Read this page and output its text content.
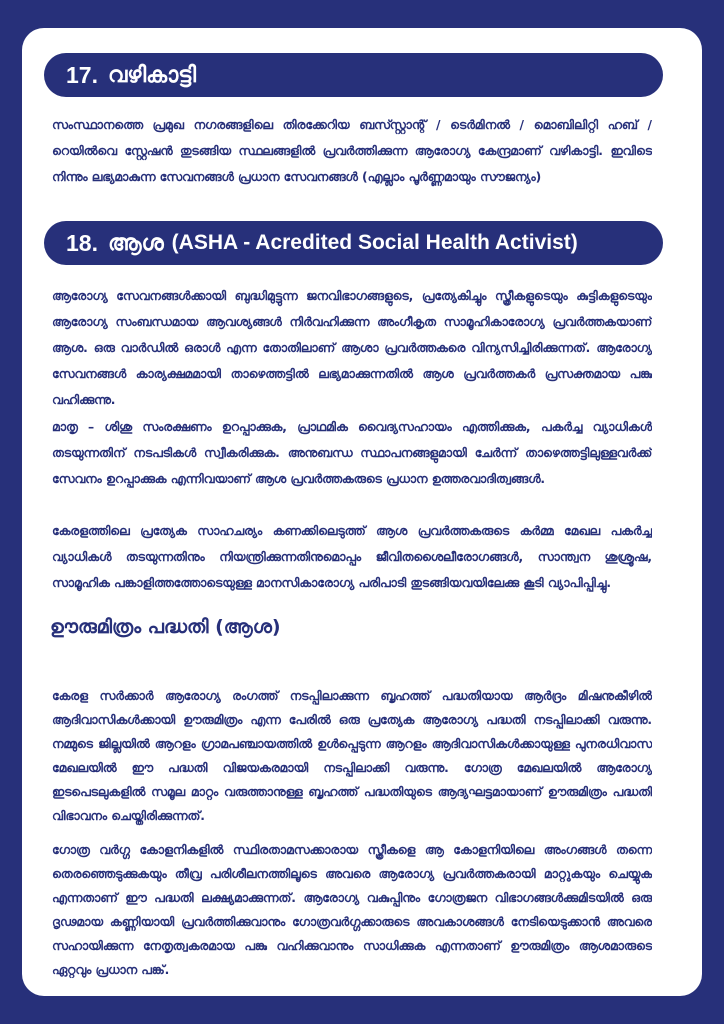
17. വഴികാട്ടി

സംസ്ഥാനത്തെ പ്രമുഖ നഗരങ്ങളിലെ തിരക്കേറിയ ബസ്സ്റ്റാന്റ് / ടെർമിനൽ / മൊബിലിറ്റി ഹബ് / റെയിൽവെ സ്റ്റേഷൻ തുടങ്ങിയ സ്ഥലങ്ങളിൽ പ്രവർത്തിക്കുന്ന ആരോഗ്യ കേന്ദ്രമാണ് വഴികാട്ടി. ഇവിടെ നിന്നും ലഭ്യമാകുന്ന സേവനങ്ങൾ പ്രധാന സേവനങ്ങൾ (എല്ലാം പൂർണ്ണമായും സൗജന്യം)

18. ആശ (ASHA - Acredited Social Health Activist)

ആരോഗ്യ സേവനങ്ങൾക്കായി ബുദ്ധിമുട്ടുന്ന ജനവിഭാഗങ്ങളുടെ, പ്രത്യേകിച്ചും സ്ത്രീകളുടെയും കുട്ടികളുടെയും ആരോഗ്യ സംബന്ധമായ ആവശ്യങ്ങൾ നിർവഹിക്കുന്ന അംഗീകൃത സാമൂഹികാരോഗ്യ പ്രവർത്തകയാണ് ആശ. ഒരു വാർഡിൽ ഒരാൾ എന്ന തോതിലാണ് ആശാ പ്രവർത്തകരെ വിന്യസിച്ചിരിക്കുന്നത്. ആരോഗ്യ സേവനങ്ങൾ കാര്യക്ഷമമായി താഴെത്തട്ടിൽ ലഭ്യമാക്കുന്നതിൽ ആശ പ്രവർത്തകർ പ്രസക്തമായ പങ്കു വഹിക്കുന്നു.

മാതൃ – ശിശു സംരക്ഷണം ഉറപ്പാക്കുക, പ്രാഥമിക വൈദ്യസഹായം എത്തിക്കുക, പകർച്ച വ്യാധികൾ തടയുന്നതിന് നടപടികൾ സ്വീകരിക്കുക. അനുബന്ധ സ്ഥാപനങ്ങളുമായി ചേർന്ന് താഴെത്തട്ടിലുള്ളവർക്ക് സേവനം ഉറപ്പാക്കുക എന്നിവയാണ് ആശ പ്രവർത്തകരുടെ പ്രധാന ഉത്തരവാദിത്വങ്ങൾ.

കേരളത്തിലെ പ്രത്യേക സാഹചര്യം കണക്കിലെടുത്ത് ആശ പ്രവർത്തകരുടെ കർമ്മ മേഖല പകർച്ച വ്യാധികൾ തടയുന്നതിനും നിയന്ത്രിക്കുന്നതിനുമൊപ്പം ജീവിതശൈലീരോഗങ്ങൾ, സാന്ത്വന ശുശ്രൂഷ, സാമൂഹിക പങ്കാളിത്തത്തോടെയുള്ള മാനസികാരോഗ്യ പരിപാടി തുടങ്ങിയവയിലേക്കു കൂടി വ്യാപിപ്പിച്ചു.

ഊരുമിത്രം പദ്ധതി (ആശ)

കേരള സർക്കാർ ആരോഗ്യ രംഗത്ത് നടപ്പിലാക്കുന്ന ബൃഹത്ത് പദ്ധതിയായ ആർദ്രം മിഷനുകീഴിൽ ആദിവാസികൾക്കായി ഊരുമിത്രം എന്ന പേരിൽ ഒരു പ്രത്യേക ആരോഗ്യ പദ്ധതി നടപ്പിലാക്കി വരുന്നു. നമ്മുടെ ജില്ലയിൽ ആറളം ഗ്രാമപഞ്ചായത്തിൽ ഉൾപ്പെടുന്ന ആറളം ആദിവാസികൾക്കായുള്ള പുനരധിവാസ മേഖലയിൽ ഈ പദ്ധതി വിജയകരമായി നടപ്പിലാക്കി വരുന്നു. ഗോത്ര മേഖലയിൽ ആരോഗ്യ ഇടപെടലുകളിൽ സമൂല മാറ്റം വരുത്താനുള്ള ബൃഹത്ത് പദ്ധതിയുടെ ആദ്യഘട്ടമായാണ് ഊരുമിത്രം പദ്ധതി വിഭാവനം ചെയ്തിരിക്കുന്നത്.

ഗോത്ര വർഗ്ഗ കോളനികളിൽ സ്ഥിരതാമസക്കാരായ സ്ത്രീകളെ ആ കോളനിയിലെ അംഗങ്ങൾ തന്നെ തെരഞ്ഞെടുക്കുകയും തീവ്ര പരിശീലനത്തിലൂടെ അവരെ ആരോഗ്യ പ്രവർത്തകരായി മാറ്റുകയും ചെയ്യുക എന്നതാണ് ഈ പദ്ധതി ലക്ഷ്യമാക്കുന്നത്. ആരോഗ്യ വകുപ്പിനും ഗോത്രജന വിഭാഗങ്ങൾക്കുമിടയിൽ ഒരു ദൃഢമായ കണ്ണിയായി പ്രവർത്തിക്കുവാനും ഗോത്രവർഗ്ഗക്കാരുടെ അവകാശങ്ങൾ നേടിയെടുക്കാൻ അവരെ സഹായിക്കുന്ന നേതൃത്വകരമായ പങ്കു വഹിക്കുവാനും സാധിക്കുക എന്നതാണ് ഊരുമിത്രം ആശമാരുടെ ഏറ്റവും പ്രധാന പങ്ക്.
